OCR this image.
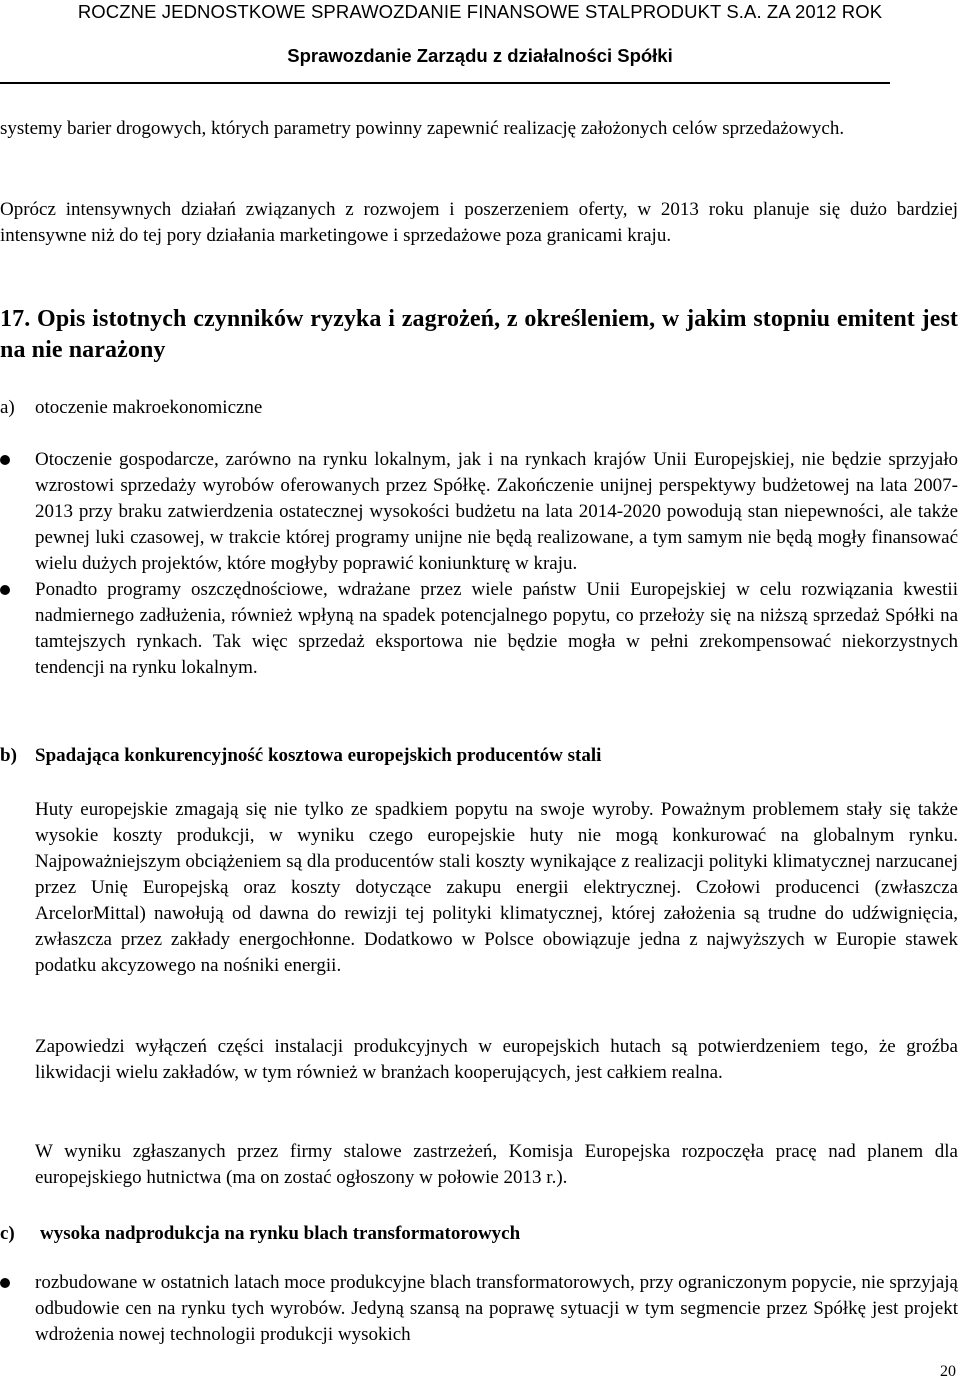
ROCZNE JEDNOSTKOWE SPRAWOZDANIE FINANSOWE STALPRODUKT S.A. ZA 2012 ROK
Sprawozdanie Zarządu z działalności Spółki

systemy barier drogowych, których parametry powinny zapewnić realizację założonych celów sprzedażowych.

Oprócz intensywnych działań związanych z rozwojem i poszerzeniem oferty, w 2013 roku planuje się dużo bardziej intensywne niż do tej pory działania marketingowe i sprzedażowe poza granicami kraju.

17. Opis istotnych czynników ryzyka i zagrożeń, z określeniem, w jakim stopniu emitent jest na nie narażony
a) otoczenie makroekonomiczne
Otoczenie gospodarcze, zarówno na rynku lokalnym, jak i na rynkach krajów Unii Europejskiej, nie będzie sprzyjało wzrostowi sprzedaży wyrobów oferowanych przez Spółkę. Zakończenie unijnej perspektywy budżetowej na lata 2007-2013 przy braku zatwierdzenia ostatecznej wysokości budżetu na lata 2014-2020 powodują stan niepewności, ale także pewnej luki czasowej, w trakcie której programy unijne nie będą realizowane, a tym samym nie będą mogły finansować wielu dużych projektów, które mogłyby poprawić koniunkturę w kraju.
Ponadto programy oszczędnościowe, wdrażane przez wiele państw Unii Europejskiej w celu rozwiązania kwestii nadmiernego zadłużenia, również wpłyną na spadek potencjalnego popytu, co przełoży się na niższą sprzedaż Spółki na tamtejszych rynkach. Tak więc sprzedaż eksportowa nie będzie mogła w pełni zrekompensować niekorzystnych tendencji na rynku lokalnym.
b) Spadająca konkurencyjność kosztowa europejskich producentów stali

Huty europejskie zmagają się nie tylko ze spadkiem popytu na swoje wyroby. Poważnym problemem stały się także wysokie koszty produkcji, w wyniku czego europejskie huty nie mogą konkurować na globalnym rynku. Najpoważniejszym obciążeniem są dla producentów stali koszty wynikające z realizacji polityki klimatycznej narzucanej przez Unię Europejską oraz koszty dotyczące zakupu energii elektrycznej. Czołowi producenci (zwłaszcza ArcelorMittal) nawołują od dawna do rewizji tej polityki klimatycznej, której założenia są trudne do udźwignięcia, zwłaszcza przez zakłady energochłonne. Dodatkowo w Polsce obowiązuje jedna z najwyższych w Europie stawek podatku akcyzowego na nośniki energii.

Zapowiedzi wyłączeń części instalacji produkcyjnych w europejskich hutach są potwierdzeniem tego, że groźba likwidacji wielu zakładów, w tym również w branżach kooperujących, jest całkiem realna.

W wyniku zgłaszanych przez firmy stalowe zastrzeżeń, Komisja Europejska rozpoczęła pracę nad planem dla europejskiego hutnictwa (ma on zostać ogłoszony w połowie 2013 r.).

c) wysoka nadprodukcja na rynku blach transformatorowych
rozbudowane w ostatnich latach moce produkcyjne blach transformatorowych, przy ograniczonym popycie, nie sprzyjają odbudowie cen na rynku tych wyrobów. Jedyną szansą na poprawę sytuacji w tym segmencie przez Spółkę jest projekt wdrożenia nowej technologii produkcji wysokich
20
